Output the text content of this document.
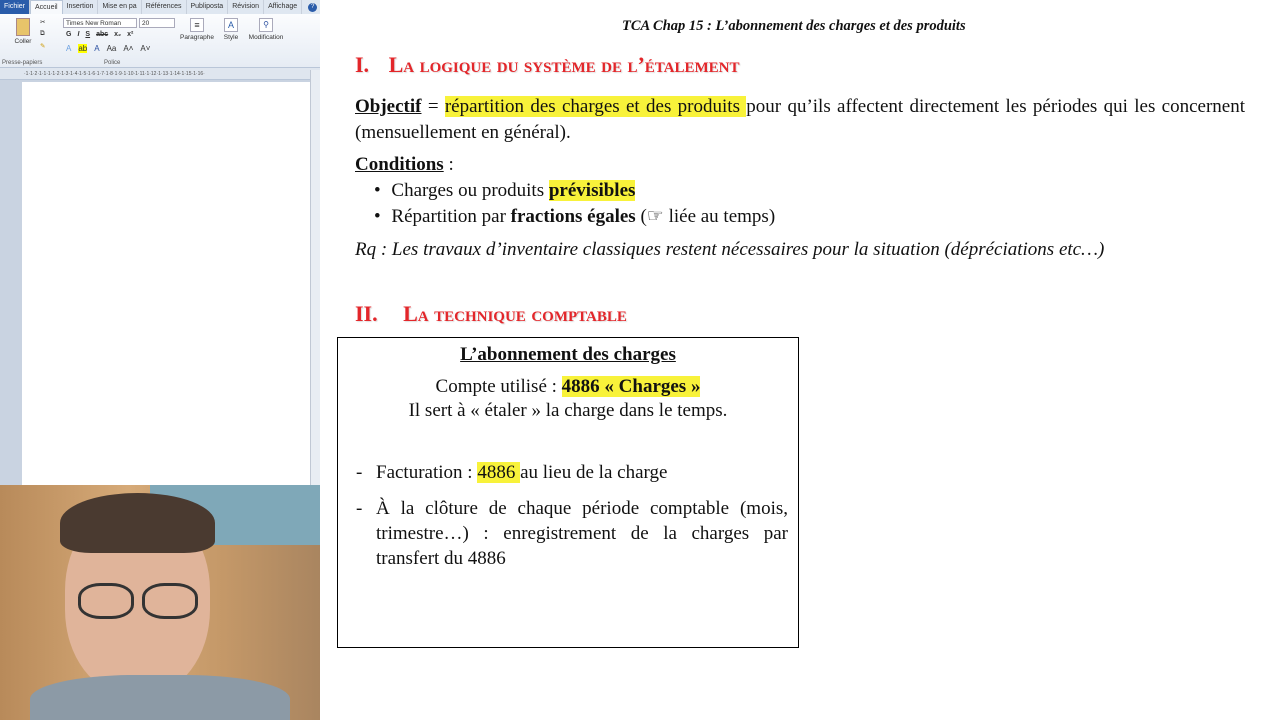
Fichier	Accueil	Insertion	Mise en pa	Références	Publiposta	Révision	Affichage	?
Coller
✂
⧉
✎
Presse-papiers
Times New Roman	20
G I S abc x₂ x²
A ab A Aa A˄ A˅
Police
≡
Paragraphe
A
Style
⚲
Modification
·1·1·2·1·1·1·1·2·1·3·1·4·1·5·1·6·1·7·1·8·1·9·1·10·1·11·1·12·1·13·1·14·1·15·1·16·
TCA Chap 15 : L’abonnement des charges et des produits
I. La logique du système de l’étalement
Objectif = répartition des charges et des produits pour qu’ils affectent directement les périodes qui les concernent (mensuellement en général).
Conditions :
• Charges ou produits prévisibles
• Répartition par fractions égales (☞ liée au temps)
Rq : Les travaux d’inventaire classiques restent nécessaires pour la situation (dépréciations etc…)
II. La technique comptable
L’abonnement des charges
Compte utilisé : 4886 « Charges »
Il sert à « étaler » la charge dans le temps.
- Facturation : 4886 au lieu de la charge
- À la clôture de chaque période comptable (mois, trimestre…) : enregistrement de la charges par transfert du 4886
